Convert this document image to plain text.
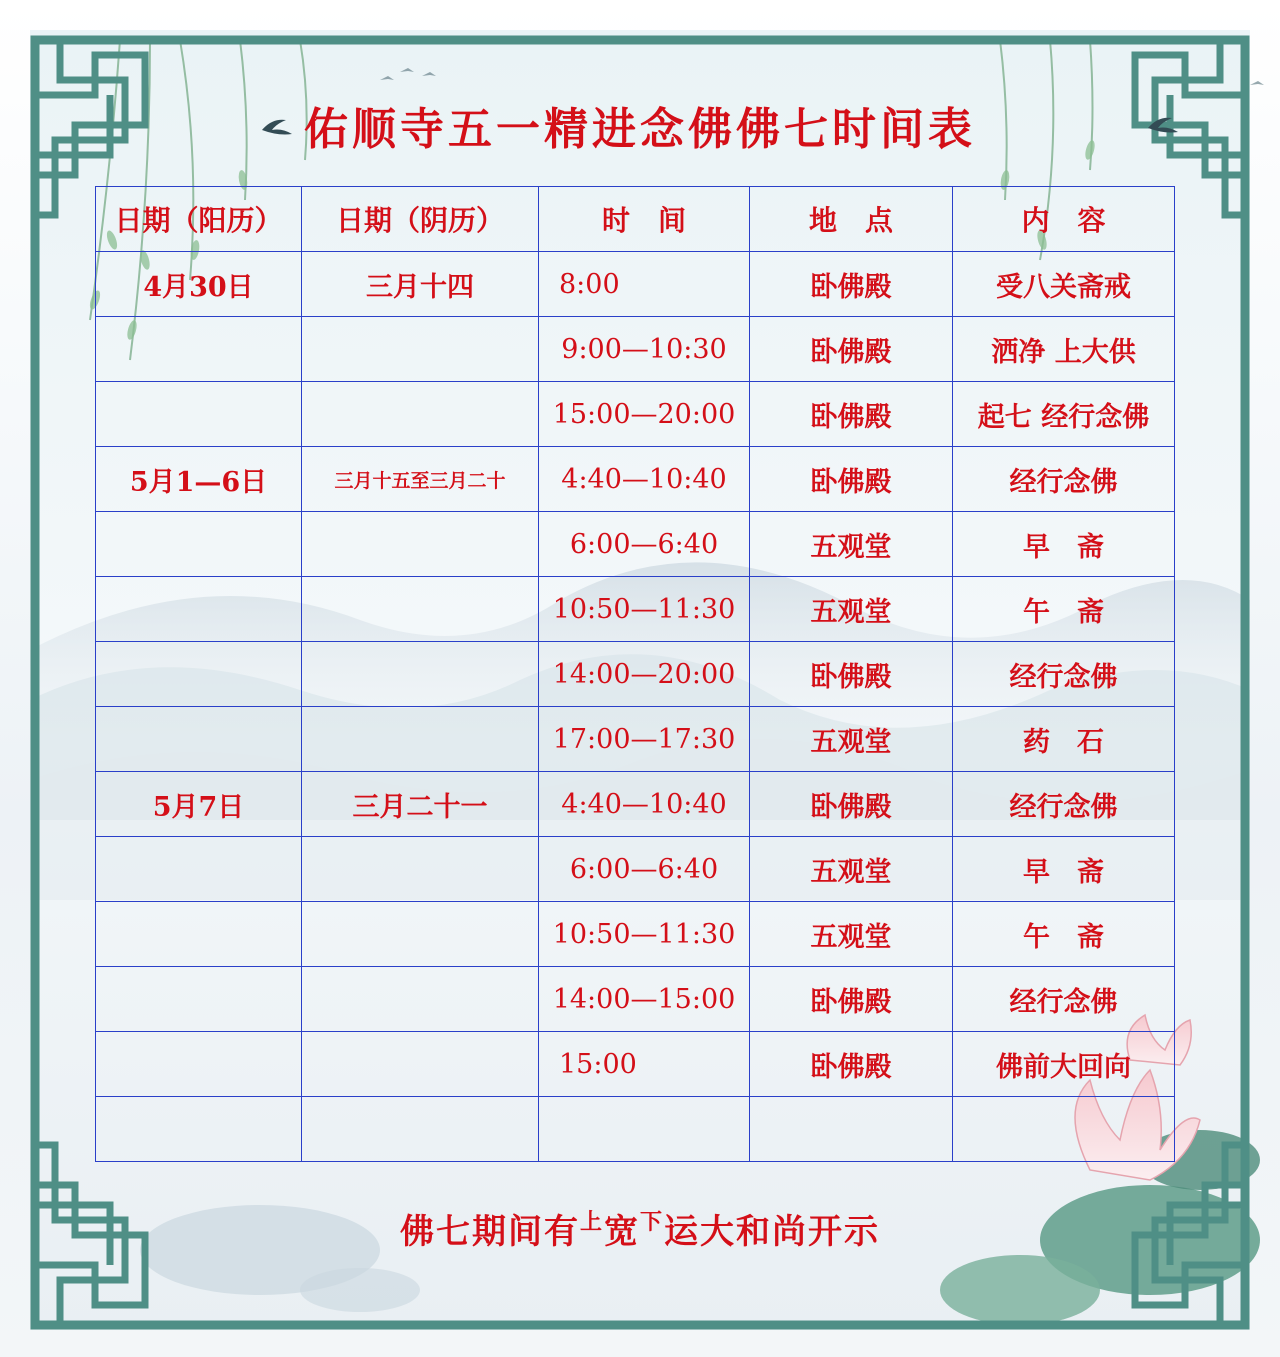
佑顺寺五一精进念佛佛七时间表
日期（阳历）	日期（阴历）	时　间	地　点	内　容
4月30日	三月十四	8:00	卧佛殿	受八关斋戒
		9:00—10:30	卧佛殿	洒净 上大供
		15:00—20:00	卧佛殿	起七 经行念佛
5月1—6日	三月十五至三月二十	4:40—10:40	卧佛殿	经行念佛
		6:00—6:40	五观堂	早　斋
		10:50—11:30	五观堂	午　斋
		14:00—20:00	卧佛殿	经行念佛
		17:00—17:30	五观堂	药　石
5月7日	三月二十一	4:40—10:40	卧佛殿	经行念佛
		6:00—6:40	五观堂	早　斋
		10:50—11:30	五观堂	午　斋
		14:00—15:00	卧佛殿	经行念佛
		15:00	卧佛殿	佛前大回向

佛七期间有$^上$宽$^下$运大和尚开示
